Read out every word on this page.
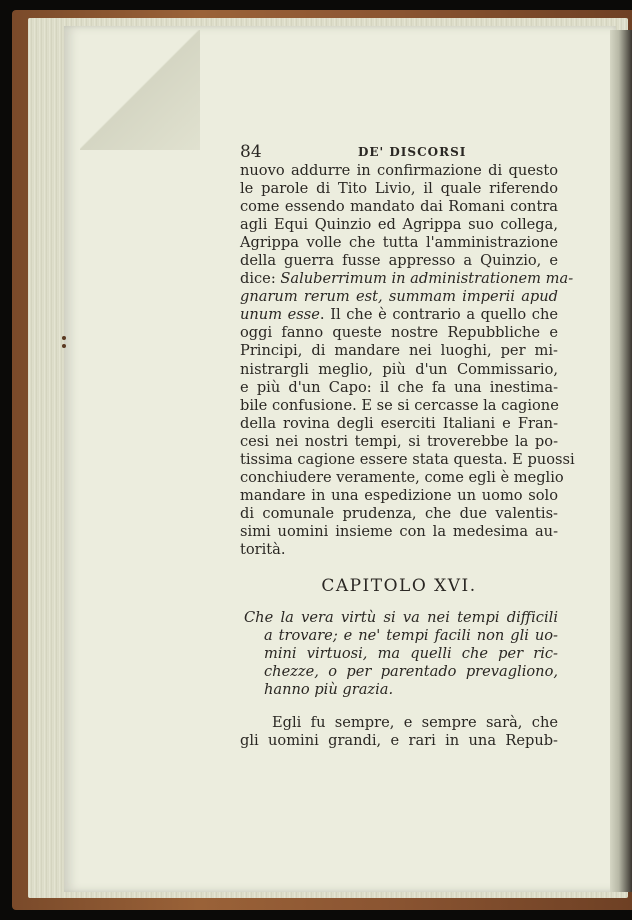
84	DE' DISCORSI
nuovo addurre in confirmazione di questo
le parole di Tito Livio, il quale riferendo
come essendo mandato dai Romani contra
agli Equi Quinzio ed Agrippa suo collega,
Agrippa volle che tutta l'amministrazione
della guerra fusse appresso a Quinzio, e
dice: Saluberrimum in administrationem ma-
gnarum rerum est, summam imperii apud
unum esse. Il che è contrario a quello che
oggi fanno queste nostre Repubbliche e
Principi, di mandare nei luoghi, per mi-
nistrargli meglio, più d'un Commissario,
e più d'un Capo: il che fa una inestima-
bile confusione. E se si cercasse la cagione
della rovina degli eserciti Italiani e Fran-
cesi nei nostri tempi, si troverebbe la po-
tissima cagione essere stata questa. E puossi
conchiudere veramente, come egli è meglio
mandare in una espedizione un uomo solo
di comunale prudenza, che due valentis-
simi uomini insieme con la medesima au-
torità.
CAPITOLO XVI.
Che la vera virtù si va nei tempi difficili
a trovare; e ne' tempi facili non gli uo-
mini virtuosi, ma quelli che per ric-
chezze, o per parentado prevagliono,
hanno più grazia.
Egli fu sempre, e sempre sarà, che
gli uomini grandi, e rari in una Repub-
